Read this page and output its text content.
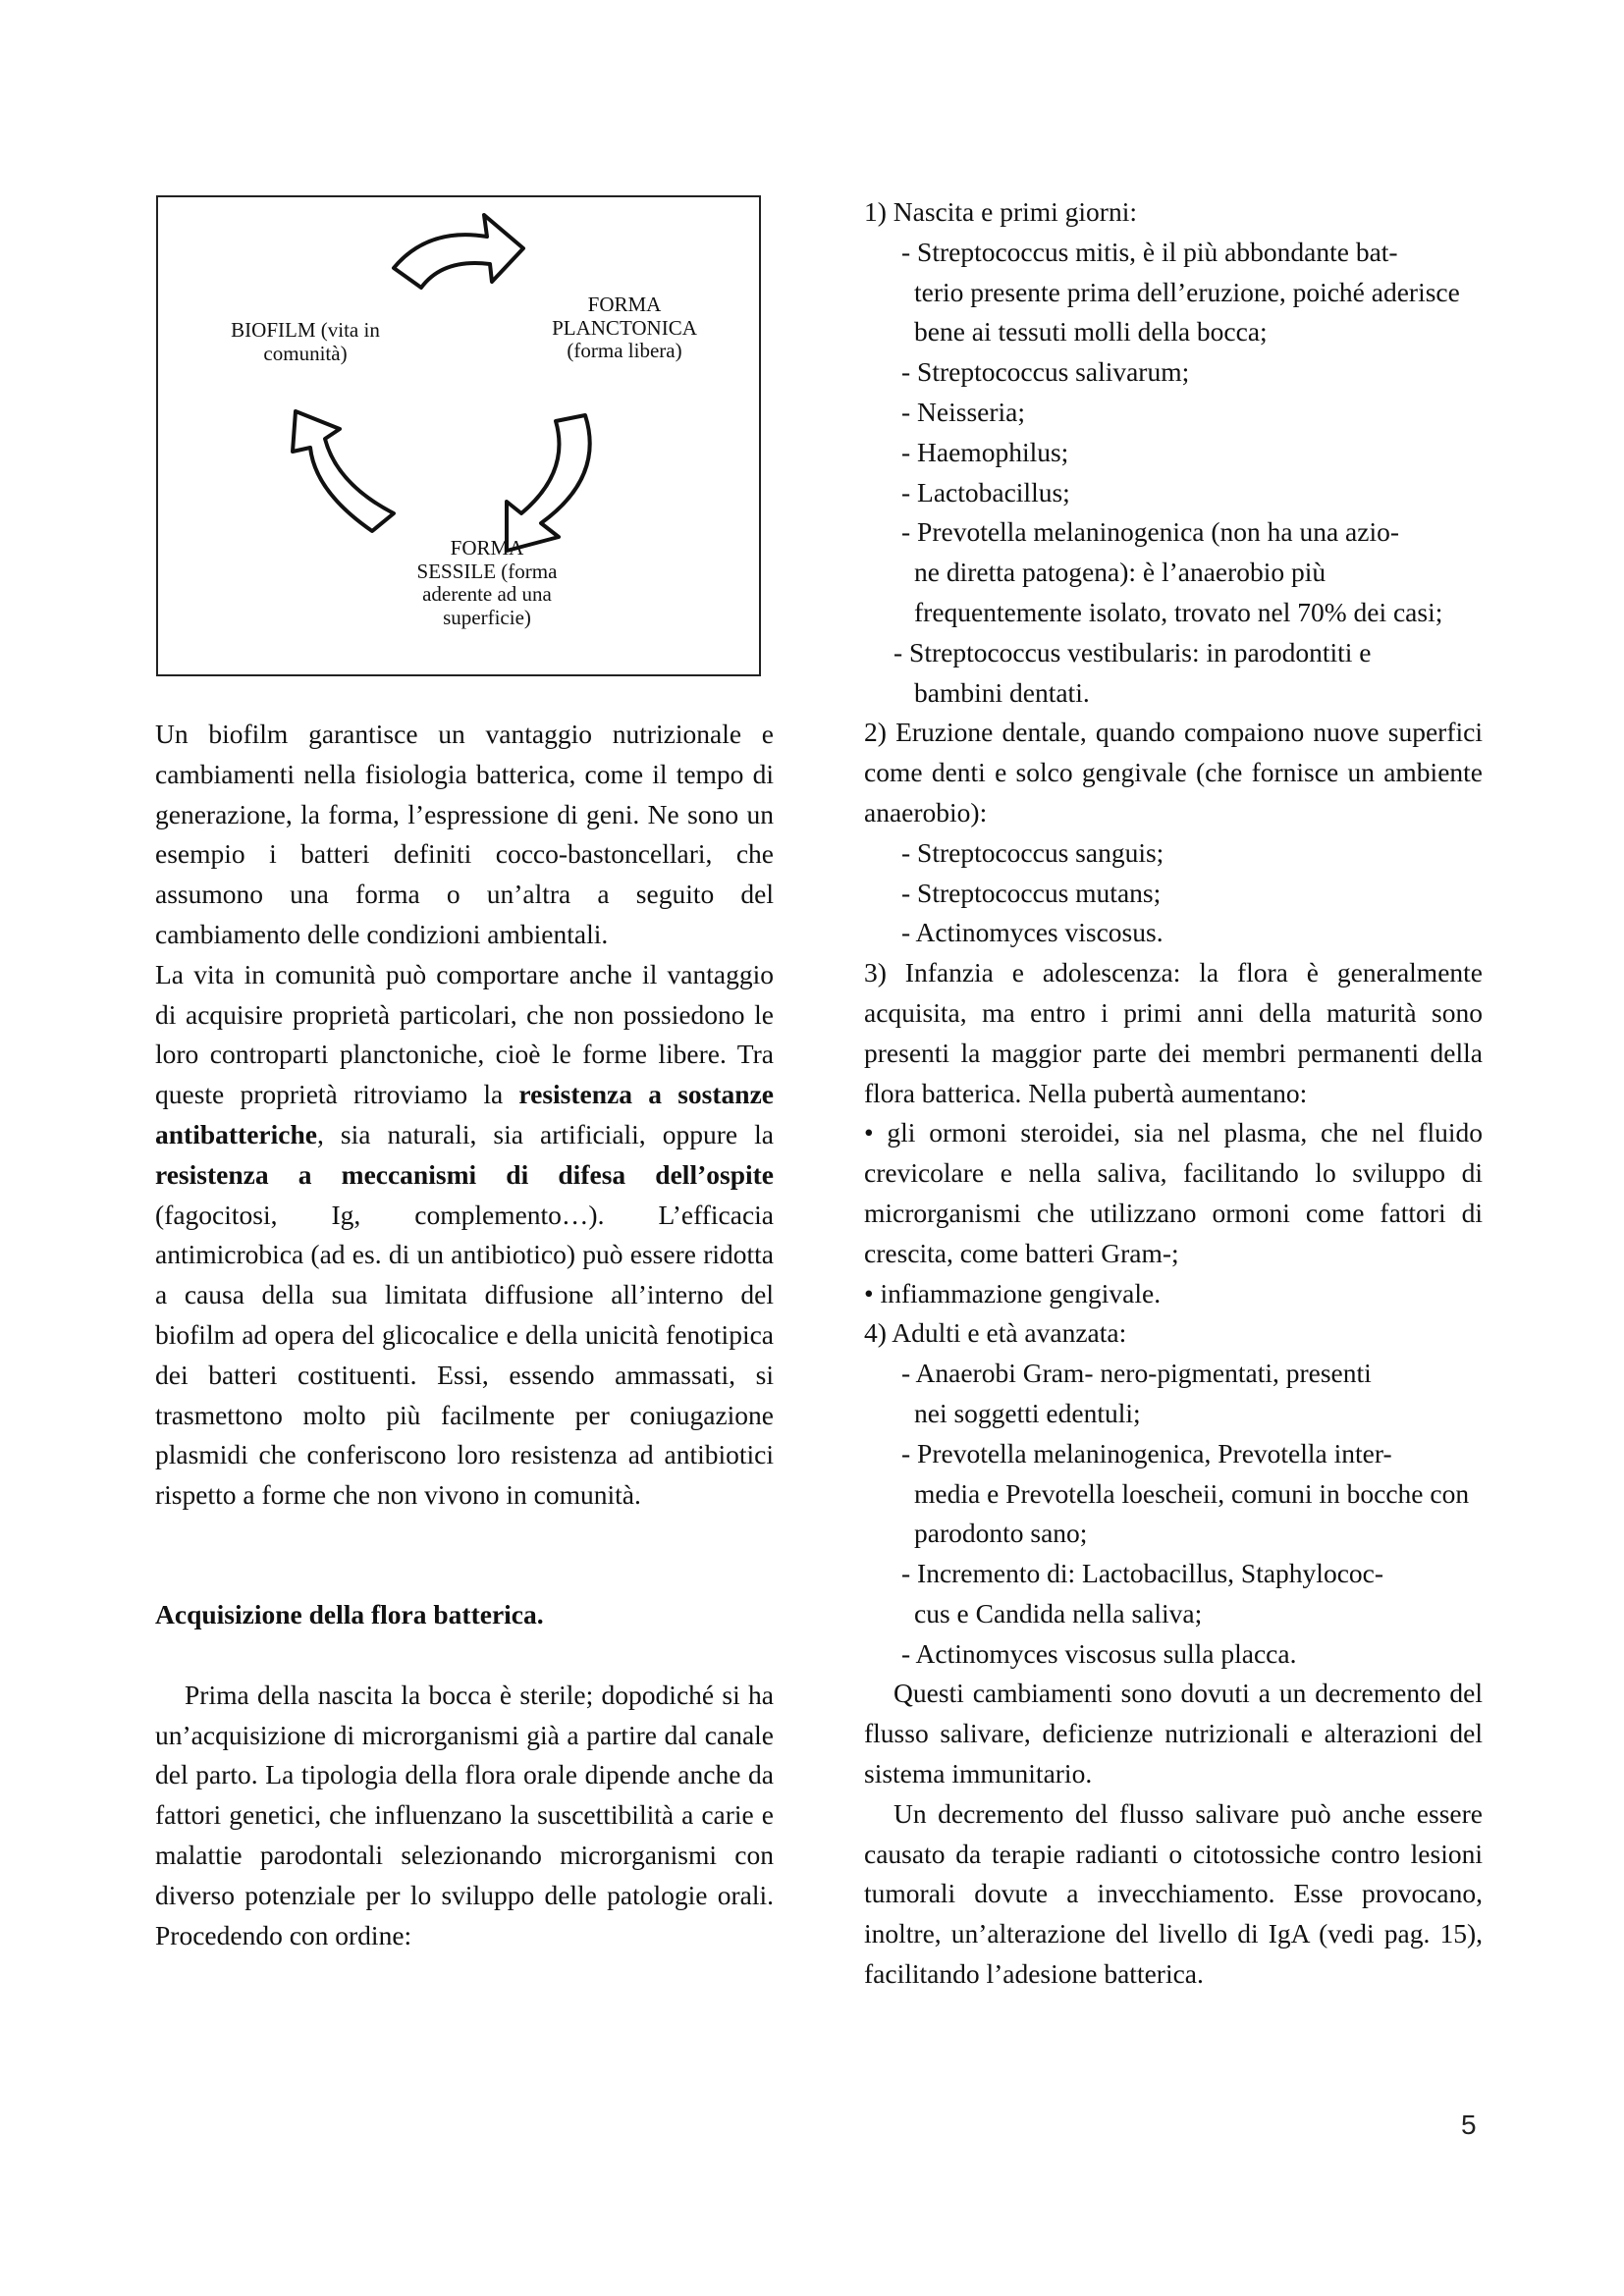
BIOFILM (vita in comunità)
FORMA
PLANCTONICA
(forma libera)
FORMA
SESSILE (forma
aderente ad una
superficie)

Un biofilm garantisce un vantaggio nutrizionale e cambiamenti nella fisiologia batterica, come il tempo di generazione, la forma, l’espressione di geni. Ne sono un esempio i batteri definiti cocco-bastoncellari, che assumono una forma o un’altra a seguito del cambiamento delle condizioni ambientali.

La vita in comunità può comportare anche il vantaggio di acquisire proprietà particolari, che non possiedono le loro controparti planctoniche, cioè le forme libere. Tra queste proprietà ritroviamo la resistenza a sostanze antibatteriche, sia naturali, sia artificiali, oppure la resistenza a meccanismi di difesa dell’ospite (fagocitosi, Ig, complemento…). L’efficacia antimicrobica (ad es. di un antibiotico) può essere ridotta a causa della sua limitata diffusione all’interno del biofilm ad opera del glicocalice e della unicità fenotipica dei batteri costituenti. Essi, essendo ammassati, si trasmettono molto più facilmente per coniugazione plasmidi che conferiscono loro resistenza ad antibiotici rispetto a forme che non vivono in comunità.

Acquisizione della flora batterica.

Prima della nascita la bocca è sterile; dopodiché si ha un’acquisizione di microrganismi già a partire dal canale del parto. La tipologia della flora orale dipende anche da fattori genetici, che influenzano la suscettibilità a carie e malattie parodontali selezionando microrganismi con diverso potenziale per lo sviluppo delle patologie orali. Procedendo con ordine:

1) Nascita e primi giorni:

- Streptococcus mitis, è il più abbondante bat-
terio presente prima dell’eruzione, poiché aderisce bene ai tessuti molli della bocca;

- Streptococcus salivarum;

- Neisseria;

- Haemophilus;

- Lactobacillus;

- Prevotella melaninogenica (non ha una azio-
ne diretta patogena): è l’anaerobio più frequentemente isolato, trovato nel 70% dei casi;

- Streptococcus vestibularis: in parodontiti e
bambini dentati.

2) Eruzione dentale, quando compaiono nuove superfici come denti e solco gengivale (che fornisce un ambiente anaerobio):

- Streptococcus sanguis;

- Streptococcus mutans;

- Actinomyces viscosus.

3) Infanzia e adolescenza: la flora è generalmente acquisita, ma entro i primi anni della maturità sono presenti la maggior parte dei membri permanenti della flora batterica. Nella pubertà aumentano:

• gli ormoni steroidei, sia nel plasma, che nel fluido crevicolare e nella saliva, facilitando lo sviluppo di microrganismi che utilizzano ormoni come fattori di crescita, come batteri Gram-;

• infiammazione gengivale.

4) Adulti e età avanzata:

- Anaerobi Gram- nero-pigmentati, presenti
nei soggetti edentuli;

- Prevotella melaninogenica, Prevotella inter-
media e Prevotella loescheii, comuni in bocche con parodonto sano;

- Incremento di: Lactobacillus, Staphylococ-
cus e Candida nella saliva;

- Actinomyces viscosus sulla placca.

Questi cambiamenti sono dovuti a un decremento del flusso salivare, deficienze nutrizionali e alterazioni del sistema immunitario.

Un decremento del flusso salivare può anche essere causato da terapie radianti o citotossiche contro lesioni tumorali dovute a invecchiamento. Esse provocano, inoltre, un’alterazione del livello di IgA (vedi pag. 15), facilitando l’adesione batterica.

5
